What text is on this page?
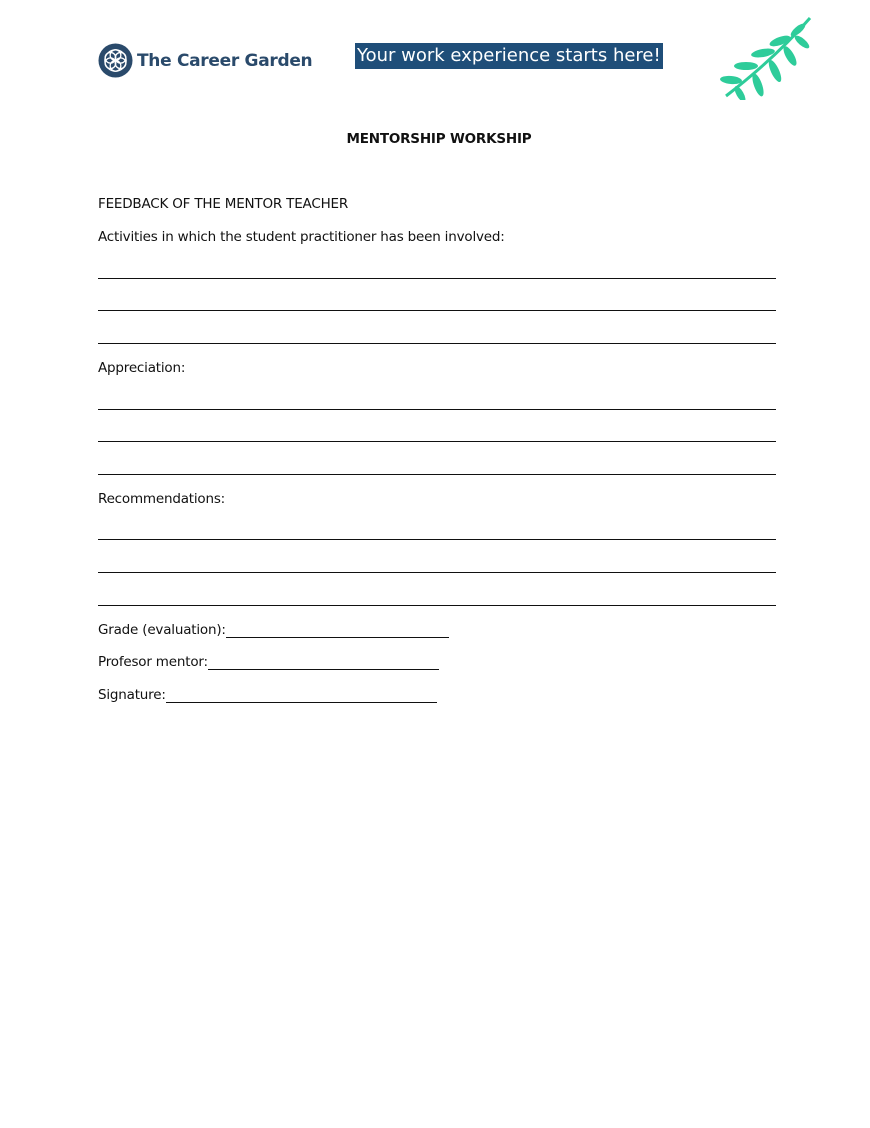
The Career Garden Your work experience starts here!
MENTORSHIP WORKSHIP
FEEDBACK OF THE MENTOR TEACHER
Activities in which the student practitioner has been involved:
Appreciation:
Recommendations:
Grade (evaluation):
Profesor mentor:
Signature:
